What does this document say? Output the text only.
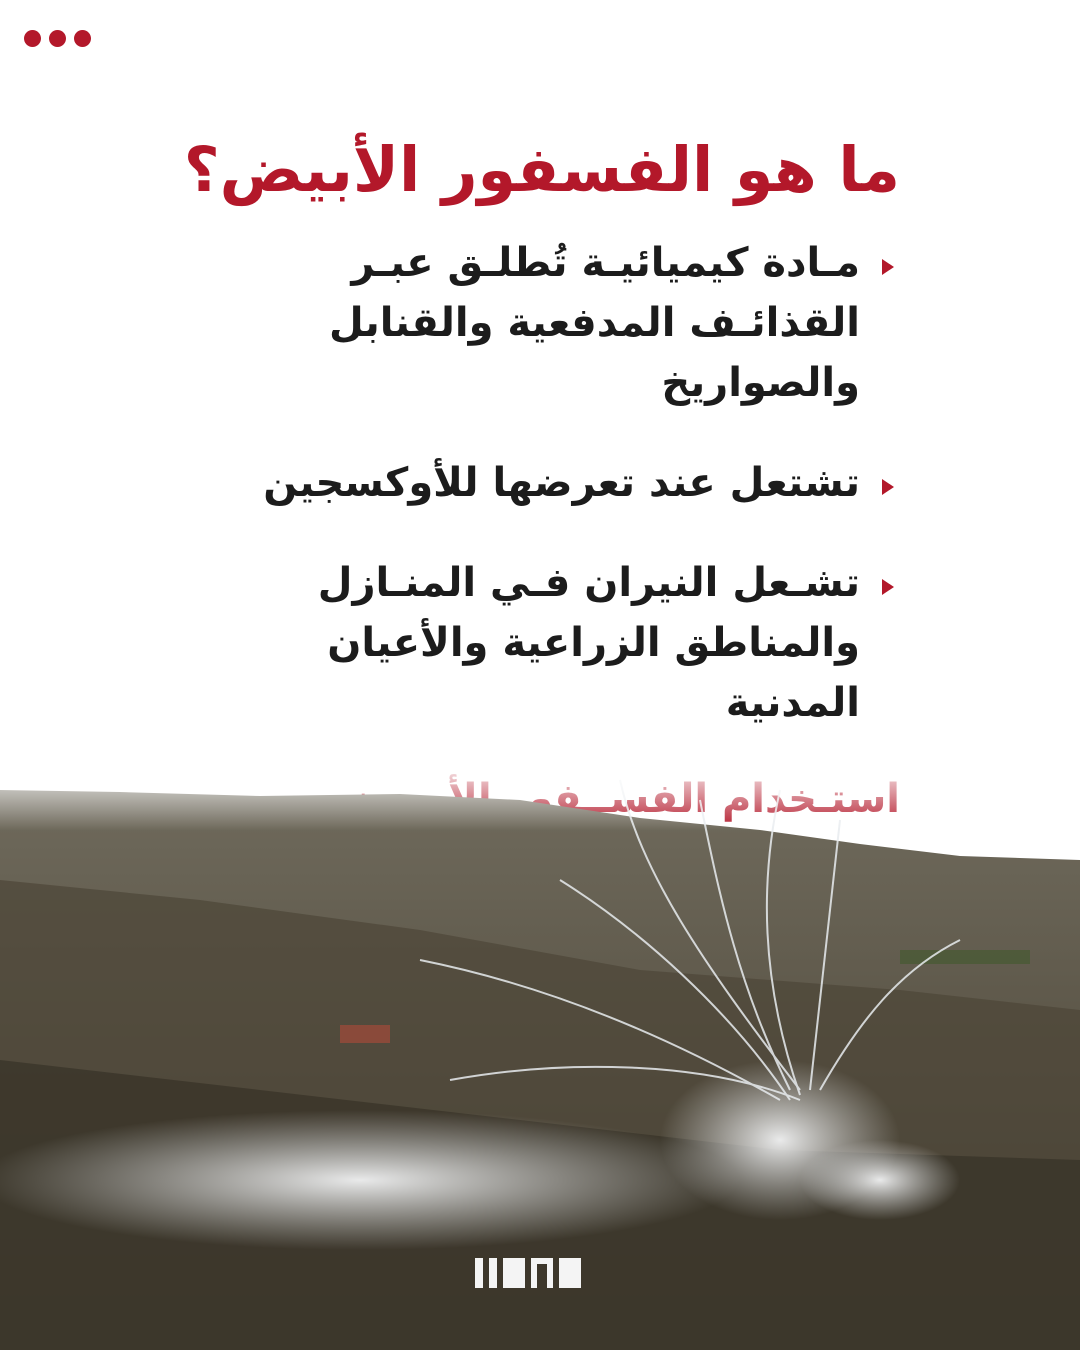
ما هو الفسفور الأبيض؟
مـادة كيميائيـة تُطلـق عبـر القذائـف المدفعية والقنابل والصواريخ
تشتعل عند تعرضها للأوكسجين
تشـعل النيران فـي المنـازل والمناطق الزراعية والأعيان المدنية
